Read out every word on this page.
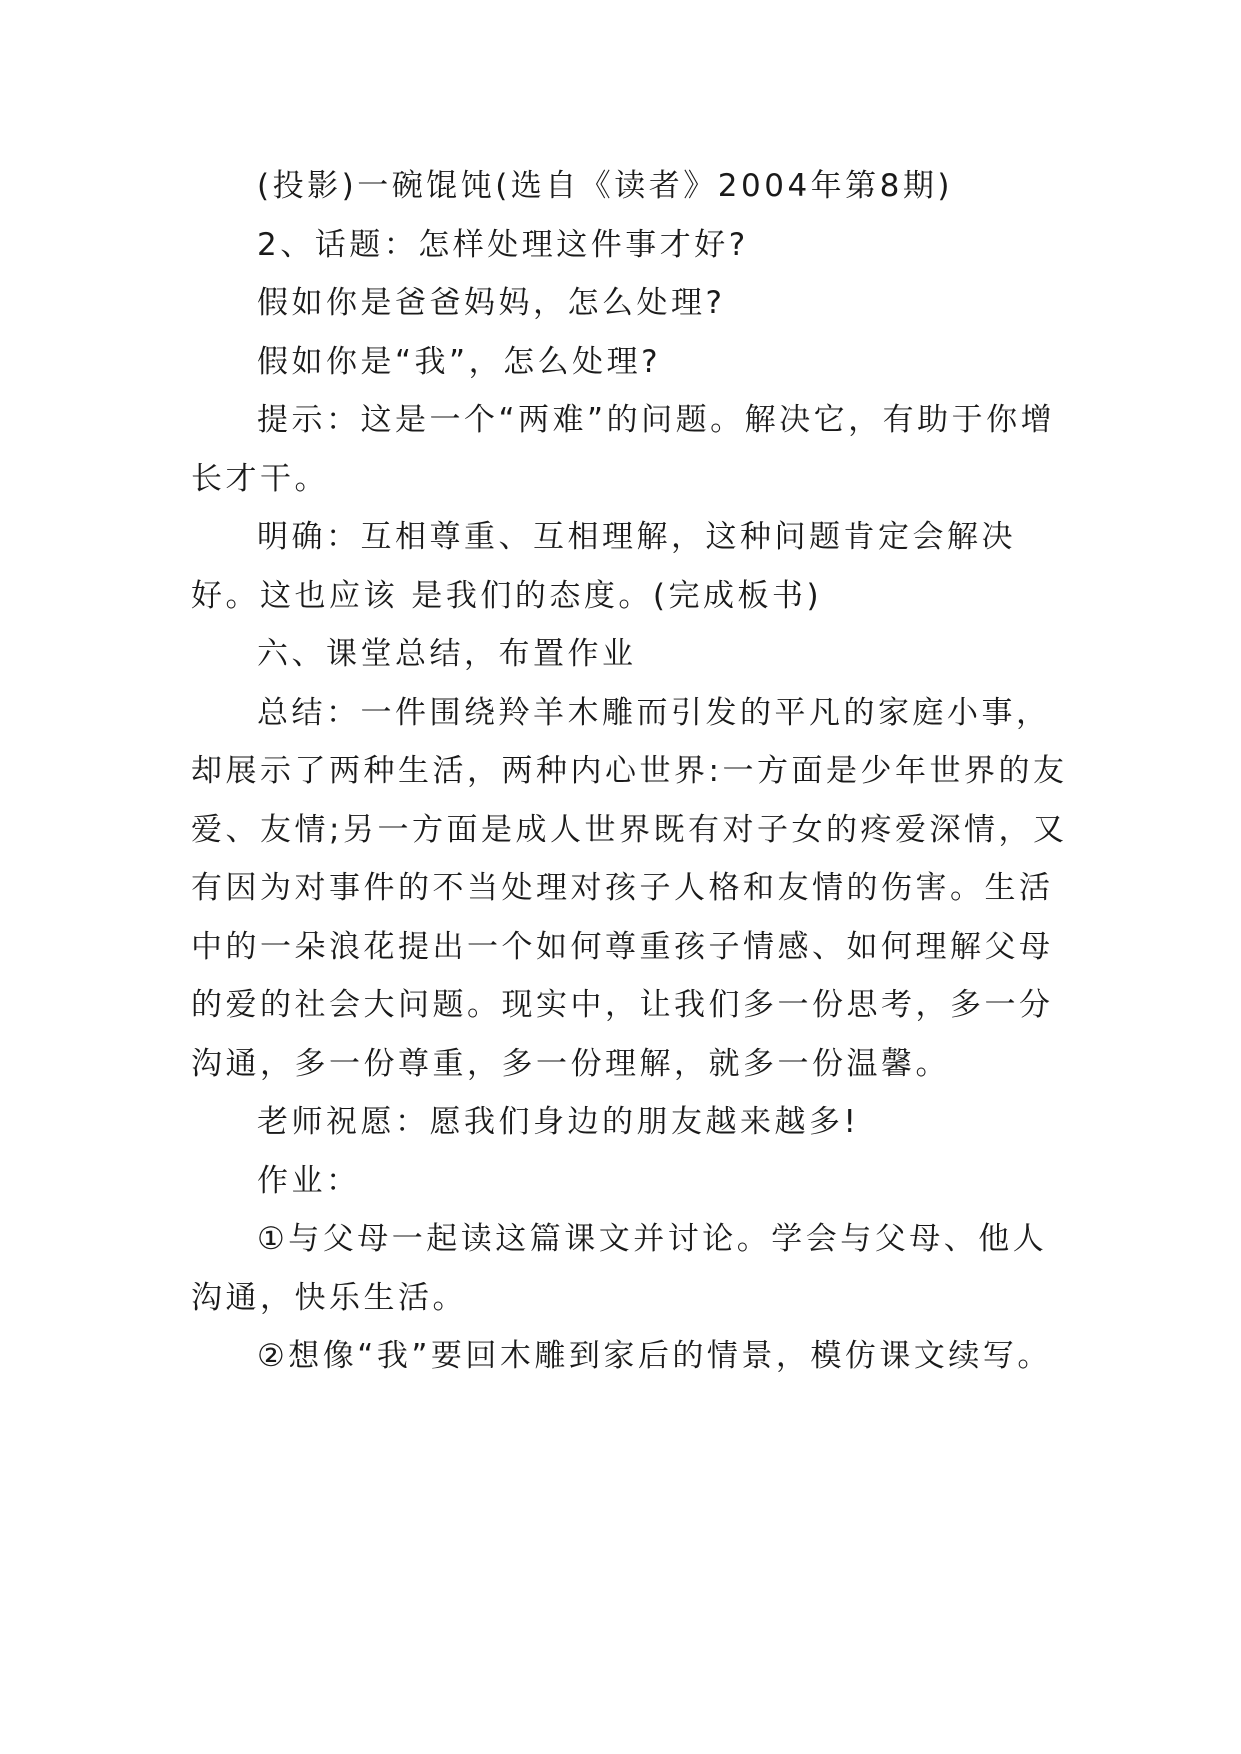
(投影)一碗馄饨(选自《读者》2004年第8期)

2、话题：怎样处理这件事才好?

假如你是爸爸妈妈，怎么处理?

假如你是“我”，怎么处理?

提示：这是一个“两难”的问题。解决它，有助于你增长才干。

明确：互相尊重、互相理解，这种问题肯定会解决好。这也应该 是我们的态度。(完成板书)

六、课堂总结，布置作业

总结：一件围绕羚羊木雕而引发的平凡的家庭小事，却展示了两种生活，两种内心世界:一方面是少年世界的友爱、友情;另一方面是成人世界既有对子女的疼爱深情，又有因为对事件的不当处理对孩子人格和友情的伤害。生活中的一朵浪花提出一个如何尊重孩子情感、如何理解父母的爱的社会大问题。现实中，让我们多一份思考，多一分沟通，多一份尊重，多一份理解，就多一份温馨。

老师祝愿：愿我们身边的朋友越来越多!

作业：

①与父母一起读这篇课文并讨论。学会与父母、他人沟通，快乐生活。

②想像“我”要回木雕到家后的情景，模仿课文续写。
